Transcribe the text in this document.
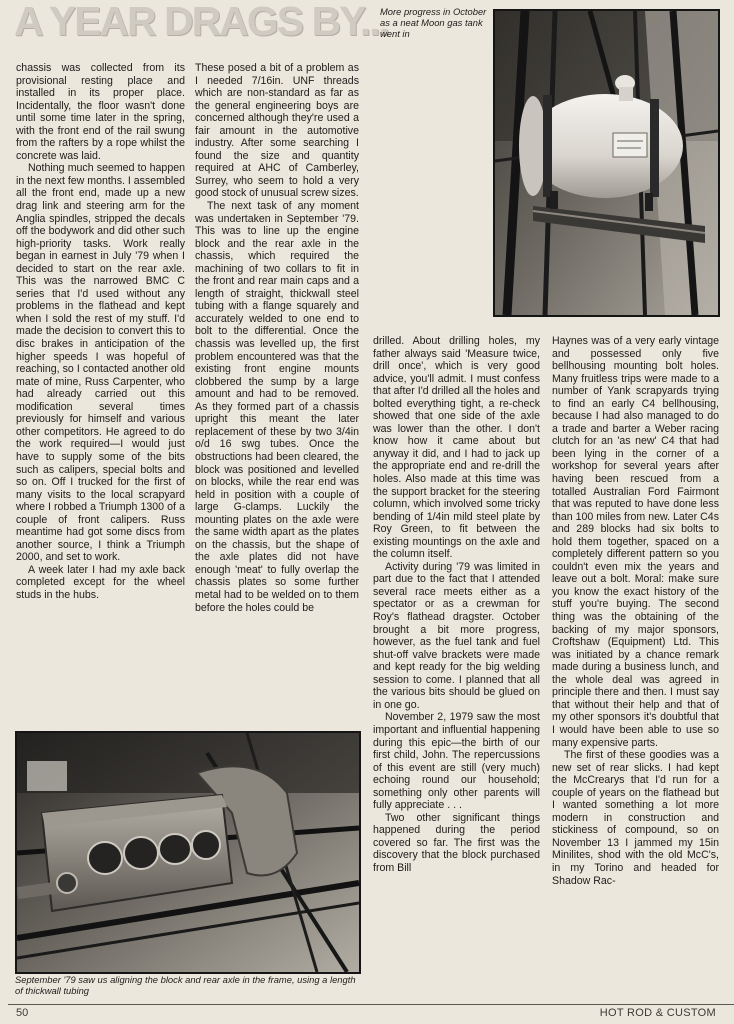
A YEAR DRAGS BY...
More progress in October as a neat Moon gas tank went in

chassis was collected from its provisional resting place and installed in its proper place. Incidentally, the floor wasn't done until some time later in the spring, with the front end of the rail swung from the rafters by a rope whilst the concrete was laid.

Nothing much seemed to happen in the next few months. I assembled all the front end, made up a new drag link and steering arm for the Anglia spindles, stripped the decals off the bodywork and did other such high-priority tasks. Work really began in earnest in July '79 when I decided to start on the rear axle. This was the narrowed BMC C series that I'd used without any problems in the flathead and kept when I sold the rest of my stuff. I'd made the decision to convert this to disc brakes in anticipation of the higher speeds I was hopeful of reaching, so I contacted another old mate of mine, Russ Carpenter, who had already carried out this modification several times previously for himself and various other competitors. He agreed to do the work required—I would just have to supply some of the bits such as calipers, special bolts and so on. Off I trucked for the first of many visits to the local scrapyard where I robbed a Triumph 1300 of a couple of front calipers. Russ meantime had got some discs from another source, I think a Triumph 2000, and set to work.

A week later I had my axle back completed except for the wheel studs in the hubs.

These posed a bit of a problem as I needed 7/16in. UNF threads which are non-standard as far as the general engineering boys are concerned although they're used a fair amount in the automotive industry. After some searching I found the size and quantity required at AHC of Camberley, Surrey, who seem to hold a very good stock of unusual screw sizes.

The next task of any moment was undertaken in September '79. This was to line up the engine block and the rear axle in the chassis, which required the machining of two collars to fit in the front and rear main caps and a length of straight, thickwall steel tubing with a flange squarely and accurately welded to one end to bolt to the differential. Once the chassis was levelled up, the first problem encountered was that the existing front engine mounts clobbered the sump by a large amount and had to be removed. As they formed part of a chassis upright this meant the later replacement of these by two 3/4in o/d 16 swg tubes. Once the obstructions had been cleared, the block was positioned and levelled on blocks, while the rear end was held in position with a couple of large G-clamps. Luckily the mounting plates on the axle were the same width apart as the plates on the chassis, but the shape of the axle plates did not have enough 'meat' to fully overlap the chassis plates so some further metal had to be welded on to them before the holes could be

drilled. About drilling holes, my father always said 'Measure twice, drill once', which is very good advice, you'll admit. I must confess that after I'd drilled all the holes and bolted everything tight, a re-check showed that one side of the axle was lower than the other. I don't know how it came about but anyway it did, and I had to jack up the appropriate end and re-drill the holes. Also made at this time was the support bracket for the steering column, which involved some tricky bending of 1/4in mild steel plate by Roy Green, to fit between the existing mountings on the axle and the column itself.

Activity during '79 was limited in part due to the fact that I attended several race meets either as a spectator or as a crewman for Roy's flathead dragster. October brought a bit more progress, however, as the fuel tank and fuel shut-off valve brackets were made and kept ready for the big welding session to come. I planned that all the various bits should be glued on in one go.

November 2, 1979 saw the most important and influential happening during this epic—the birth of our first child, John. The repercussions of this event are still (very much) echoing round our household; something only other parents will fully appreciate . . .

Two other significant things happened during the period covered so far. The first was the discovery that the block purchased from Bill

Haynes was of a very early vintage and possessed only five bellhousing mounting bolt holes. Many fruitless trips were made to a number of Yank scrapyards trying to find an early C4 bellhousing, because I had also managed to do a trade and barter a Weber racing clutch for an 'as new' C4 that had been lying in the corner of a workshop for several years after having been rescued from a totalled Australian Ford Fairmont that was reputed to have done less than 100 miles from new. Later C4s and 289 blocks had six bolts to hold them together, spaced on a completely different pattern so you couldn't even mix the years and leave out a bolt. Moral: make sure you know the exact history of the stuff you're buying. The second thing was the obtaining of the backing of my major sponsors, Croftshaw (Equipment) Ltd. This was initiated by a chance remark made during a business lunch, and the whole deal was agreed in principle there and then. I must say that without their help and that of my other sponsors it's doubtful that I would have been able to use so many expensive parts.

The first of these goodies was a new set of rear slicks. I had kept the McCrearys that I'd run for a couple of years on the flathead but I wanted something a lot more modern in construction and stickiness of compound, so on November 13 I jammed my 15in Minilites, shod with the old McC's, in my Torino and headed for Shadow Rac-

September '79 saw us aligning the block and rear axle in the frame, using a length of thickwall tubing
50	HOT ROD & CUSTOM
